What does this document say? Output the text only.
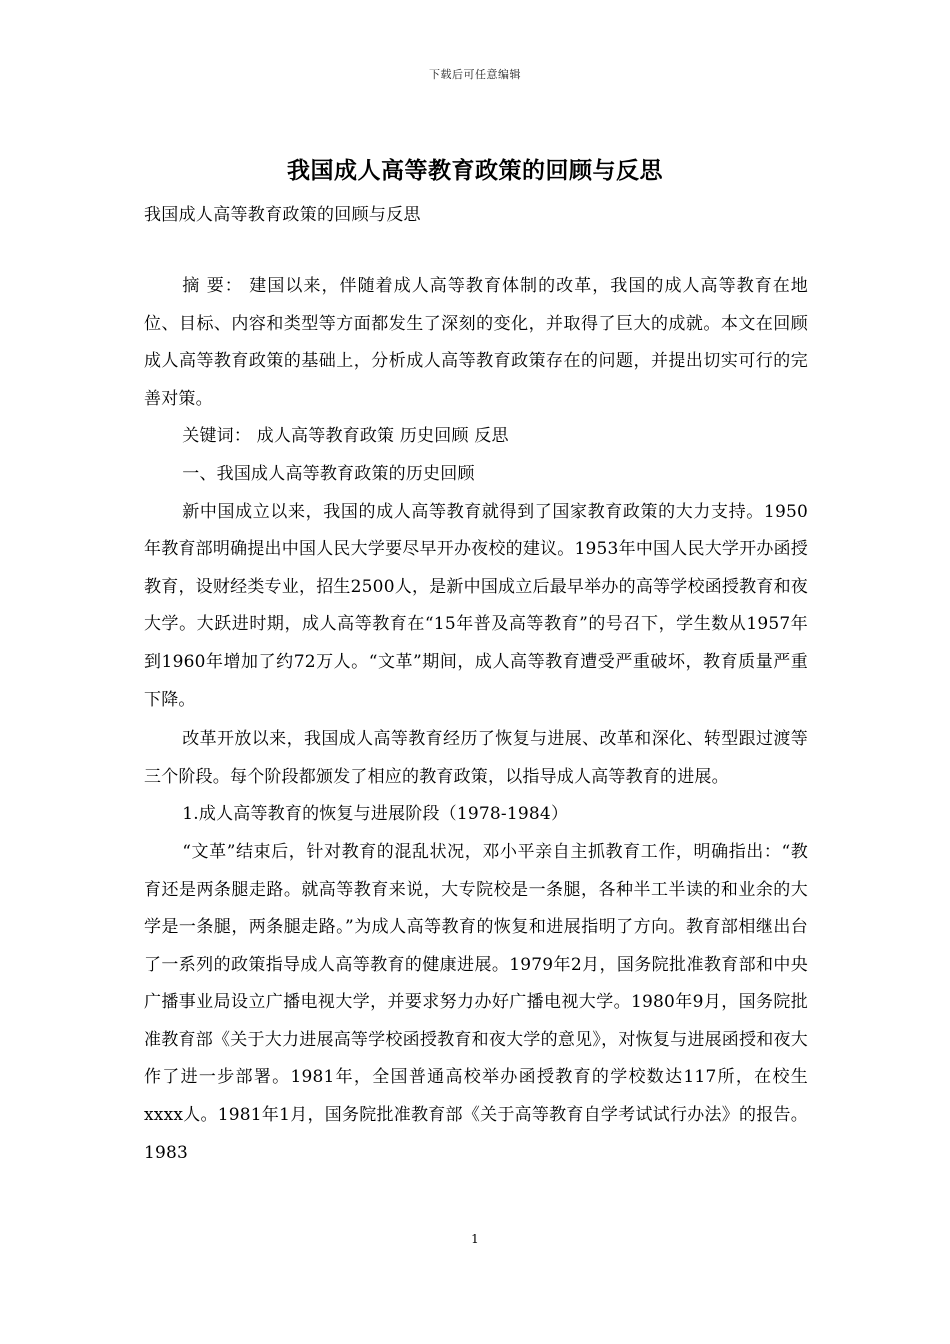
下载后可任意编辑
我国成人高等教育政策的回顾与反思
我国成人高等教育政策的回顾与反思

摘 要： 建国以来，伴随着成人高等教育体制的改革，我国的成人高等教育在地位、目标、内容和类型等方面都发生了深刻的变化，并取得了巨大的成就。本文在回顾成人高等教育政策的基础上，分析成人高等教育政策存在的问题，并提出切实可行的完善对策。

关键词： 成人高等教育政策 历史回顾 反思

一、我国成人高等教育政策的历史回顾

新中国成立以来，我国的成人高等教育就得到了国家教育政策的大力支持。1950年教育部明确提出中国人民大学要尽早开办夜校的建议。1953年中国人民大学开办函授教育，设财经类专业，招生2500人，是新中国成立后最早举办的高等学校函授教育和夜大学。大跃进时期，成人高等教育在“15年普及高等教育”的号召下，学生数从1957年到1960年增加了约72万人。“文革”期间，成人高等教育遭受严重破坏，教育质量严重下降。

改革开放以来，我国成人高等教育经历了恢复与进展、改革和深化、转型跟过渡等三个阶段。每个阶段都颁发了相应的教育政策，以指导成人高等教育的进展。

1.成人高等教育的恢复与进展阶段（1978-1984）

“文革”结束后，针对教育的混乱状况，邓小平亲自主抓教育工作，明确指出：“教育还是两条腿走路。就高等教育来说，大专院校是一条腿，各种半工半读的和业余的大学是一条腿，两条腿走路。”为成人高等教育的恢复和进展指明了方向。教育部相继出台了一系列的政策指导成人高等教育的健康进展。1979年2月，国务院批准教育部和中央广播事业局设立广播电视大学，并要求努力办好广播电视大学。1980年9月，国务院批准教育部《关于大力进展高等学校函授教育和夜大学的意见》，对恢复与进展函授和夜大作了进一步部署。1981年，全国普通高校举办函授教育的学校数达117所，在校生xxxx人。1981年1月，国务院批准教育部《关于高等教育自学考试试行办法》的报告。1983

1
